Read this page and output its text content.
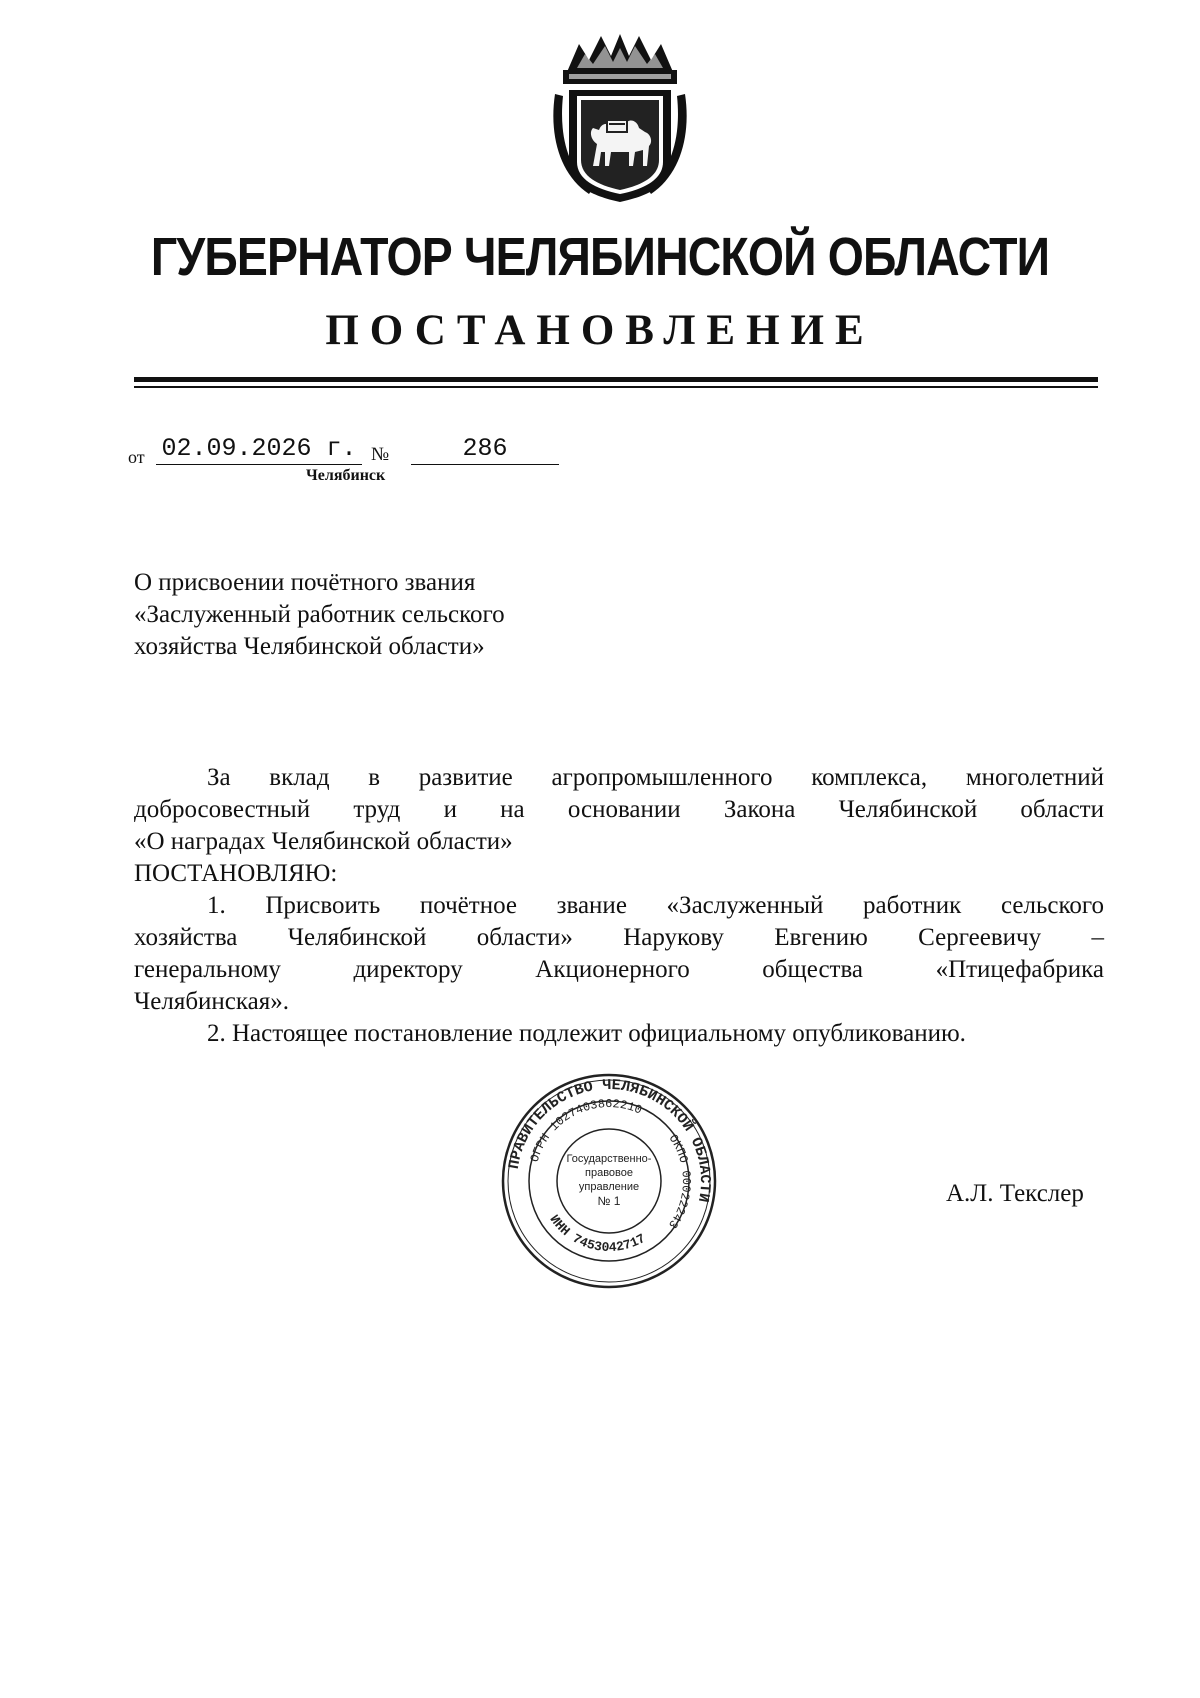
ГУБЕРНАТОР ЧЕЛЯБИНСКОЙ ОБЛАСТИ
ПОСТАНОВЛЕНИЕ
от 02.09.2026 г. №	286
Челябинск
О присвоении почётного звания
«Заслуженный работник сельского
хозяйства Челябинской области»
За вклад в развитие агропромышленного комплекса, многолетний
добросовестный труд и на основании Закона Челябинской области
«О наградах Челябинской области»
ПОСТАНОВЛЯЮ:
1. Присвоить почётное звание «Заслуженный работник сельского
хозяйства Челябинской области» Нарукову Евгению Сергеевичу –
генеральному	директору	Акционерного	общества	«Птицефабрика
Челябинская».
2. Настоящее постановление подлежит официальному опубликованию.
ПРАВИТЕЛЬСТВО ЧЕЛЯБИНСКОЙ ОБЛАСТИ
ОГРН 1027403862210
ОКПО 00022243
ИНН 7453042717
Государственно-
правовое
управление
№ 1	А.Л. Текслер
